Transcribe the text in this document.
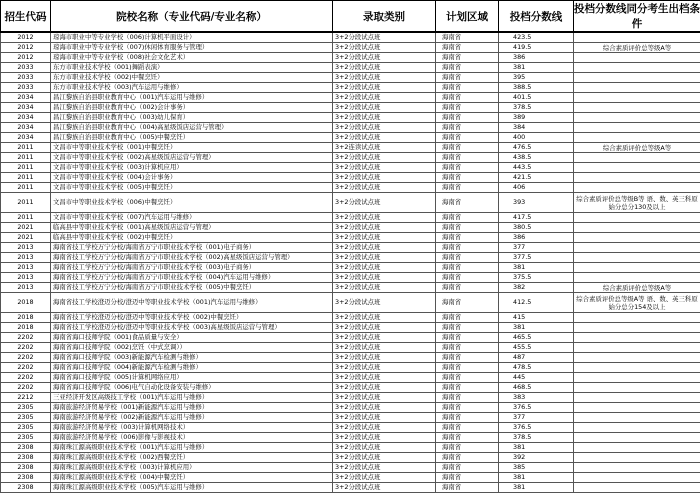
招生代码	院校名称（专业代码/专业名称）	录取类别	计划区域	投档分数线	投档分数线同分考生出档条件
2012	琼海市职业中等专业学校（006)计算机平面设计）	3+2分段试点班	海南省	423.5	
2012	琼海市职业中等专业学校（007)休闲体育服务与管理）	3+2分段试点班	海南省	419.5	综合素质评价总等级A等
2012	琼海市职业中等专业学校（008)社会文化艺术）	3+2分段试点班	海南省	386	
2033	东方市职业技术学校（001)舞蹈表演）	3+2分段试点班	海南省	381	
2033	东方市职业技术学校（002)中餐烹饪）	3+2分段试点班	海南省	395	
2033	东方市职业技术学校（003)汽车运用与维修）	3+2分段试点班	海南省	388.5	
2034	昌江黎族自治县职业教育中心（001)汽车运用与维修）	3+2分段试点班	海南省	401.5	
2034	昌江黎族自治县职业教育中心（002)会计事务）	3+2分段试点班	海南省	378.5	
2034	昌江黎族自治县职业教育中心（003)幼儿保育）	3+2分段试点班	海南省	389	
2034	昌江黎族自治县职业教育中心（004)高星级饭店运营与管理）	3+2分段试点班	海南省	384	
2034	昌江黎族自治县职业教育中心（005)中餐烹饪）	3+2分段试点班	海南省	400	
2011	文昌市中等职业技术学校（001)中餐烹饪）	3+2连读试点班	海南省	476.5	综合素质评价总等级A等
2011	文昌市中等职业技术学校（002)高星级饭店运营与管理）	3+2分段试点班	海南省	438.5	
2011	文昌市中等职业技术学校（003)计算机应用）	3+2分段试点班	海南省	443.5	
2011	文昌市中等职业技术学校（004)会计事务）	3+2分段试点班	海南省	421.5	
2011	文昌市中等职业技术学校（005)中餐烹饪）	3+2分段试点班	海南省	406	
2011	文昌市中等职业技术学校（006)中餐烹饪）	3+2分段试点班	海南省	393	综合素质评价总等级B等 语、数、英三科原始分总分130及以上
2011	文昌市中等职业技术学校（007)汽车运用与维修）	3+2分段试点班	海南省	417.5	
2021	临高县中等职业技术学校（001)高星级饭店运营与管理）	3+2分段试点班	海南省	380.5	
2021	临高县中等职业技术学校（002)中餐烹饪）	3+2分段试点班	海南省	386	
2013	海南省技工学校万宁分校/海南省万宁市职业技术学校（001)电子商务）	3+2分段试点班	海南省	377	
2013	海南省技工学校万宁分校/海南省万宁市职业技术学校（002)高星级饭店运营与管理）	3+2分段试点班	海南省	377.5	
2013	海南省技工学校万宁分校/海南省万宁市职业技术学校（003)电子商务）	3+2分段试点班	海南省	381	
2013	海南省技工学校万宁分校/海南省万宁市职业技术学校（004)汽车运用与维修）	3+2分段试点班	海南省	375.5	
2013	海南省技工学校万宁分校/海南省万宁市职业技术学校（005)中餐烹饪）	3+2分段试点班	海南省	382	综合素质评价总等级A等
2018	海南省技工学校澄迈分校/澄迈中等职业技术学校（001)汽车运用与维修）	3+2分段试点班	海南省	412.5	综合素质评价总等级A等 语、数、英三科原始分总分154及以上
2018	海南省技工学校澄迈分校/澄迈中等职业技术学校（002)中餐烹饪）	3+2分段试点班	海南省	415	
2018	海南省技工学校澄迈分校/澄迈中等职业技术学校（003)高星级饭店运营与管理）	3+2分段试点班	海南省	381	
2202	海南省海口技师学院（001)食品质量与安全）	3+2分段试点班	海南省	465.5	
2202	海南省海口技师学院（002)烹饪（中式烹调））	3+2分段试点班	海南省	455.5	
2202	海南省海口技师学院（003)新能源汽车检测与维修）	3+2分段试点班	海南省	487	
2202	海南省海口技师学院（004)新能源汽车检测与维修）	3+2分段试点班	海南省	478.5	
2202	海南省海口技师学院（005)计算机网络应用）	3+2分段试点班	海南省	445	
2202	海南省海口技师学院（006)电气自动化设备安装与维修）	3+2分段试点班	海南省	468.5	
2212	三亚经济开发区高级技工学校（001)汽车运用与维修）	3+2分段试点班	海南省	383	
2305	海南旅游经济贸易学校（001)新能源汽车运用与维修）	3+2分段试点班	海南省	376.5	
2305	海南旅游经济贸易学校（002)新能源汽车运用与维修）	3+2分段试点班	海南省	377	
2305	海南旅游经济贸易学校（003)计算机网络技术）	3+2分段试点班	海南省	376.5	
2305	海南旅游经济贸易学校（006)影像与影视技术）	3+2分段试点班	海南省	378.5	
2308	海南珠江源高级职业技术学校（001)汽车运用与维修）	3+2分段试点班	海南省	381	
2308	海南珠江源高级职业技术学校（002)西餐烹饪）	3+2分段试点班	海南省	392	
2308	海南珠江源高级职业技术学校（003)计算机应用）	3+2分段试点班	海南省	385	
2308	海南珠江源高级职业技术学校（004)中餐烹饪）	3+2分段试点班	海南省	381	
2308	海南珠江源高级职业技术学校（005)汽车运用与维修）	3+2分段试点班	海南省	381	
